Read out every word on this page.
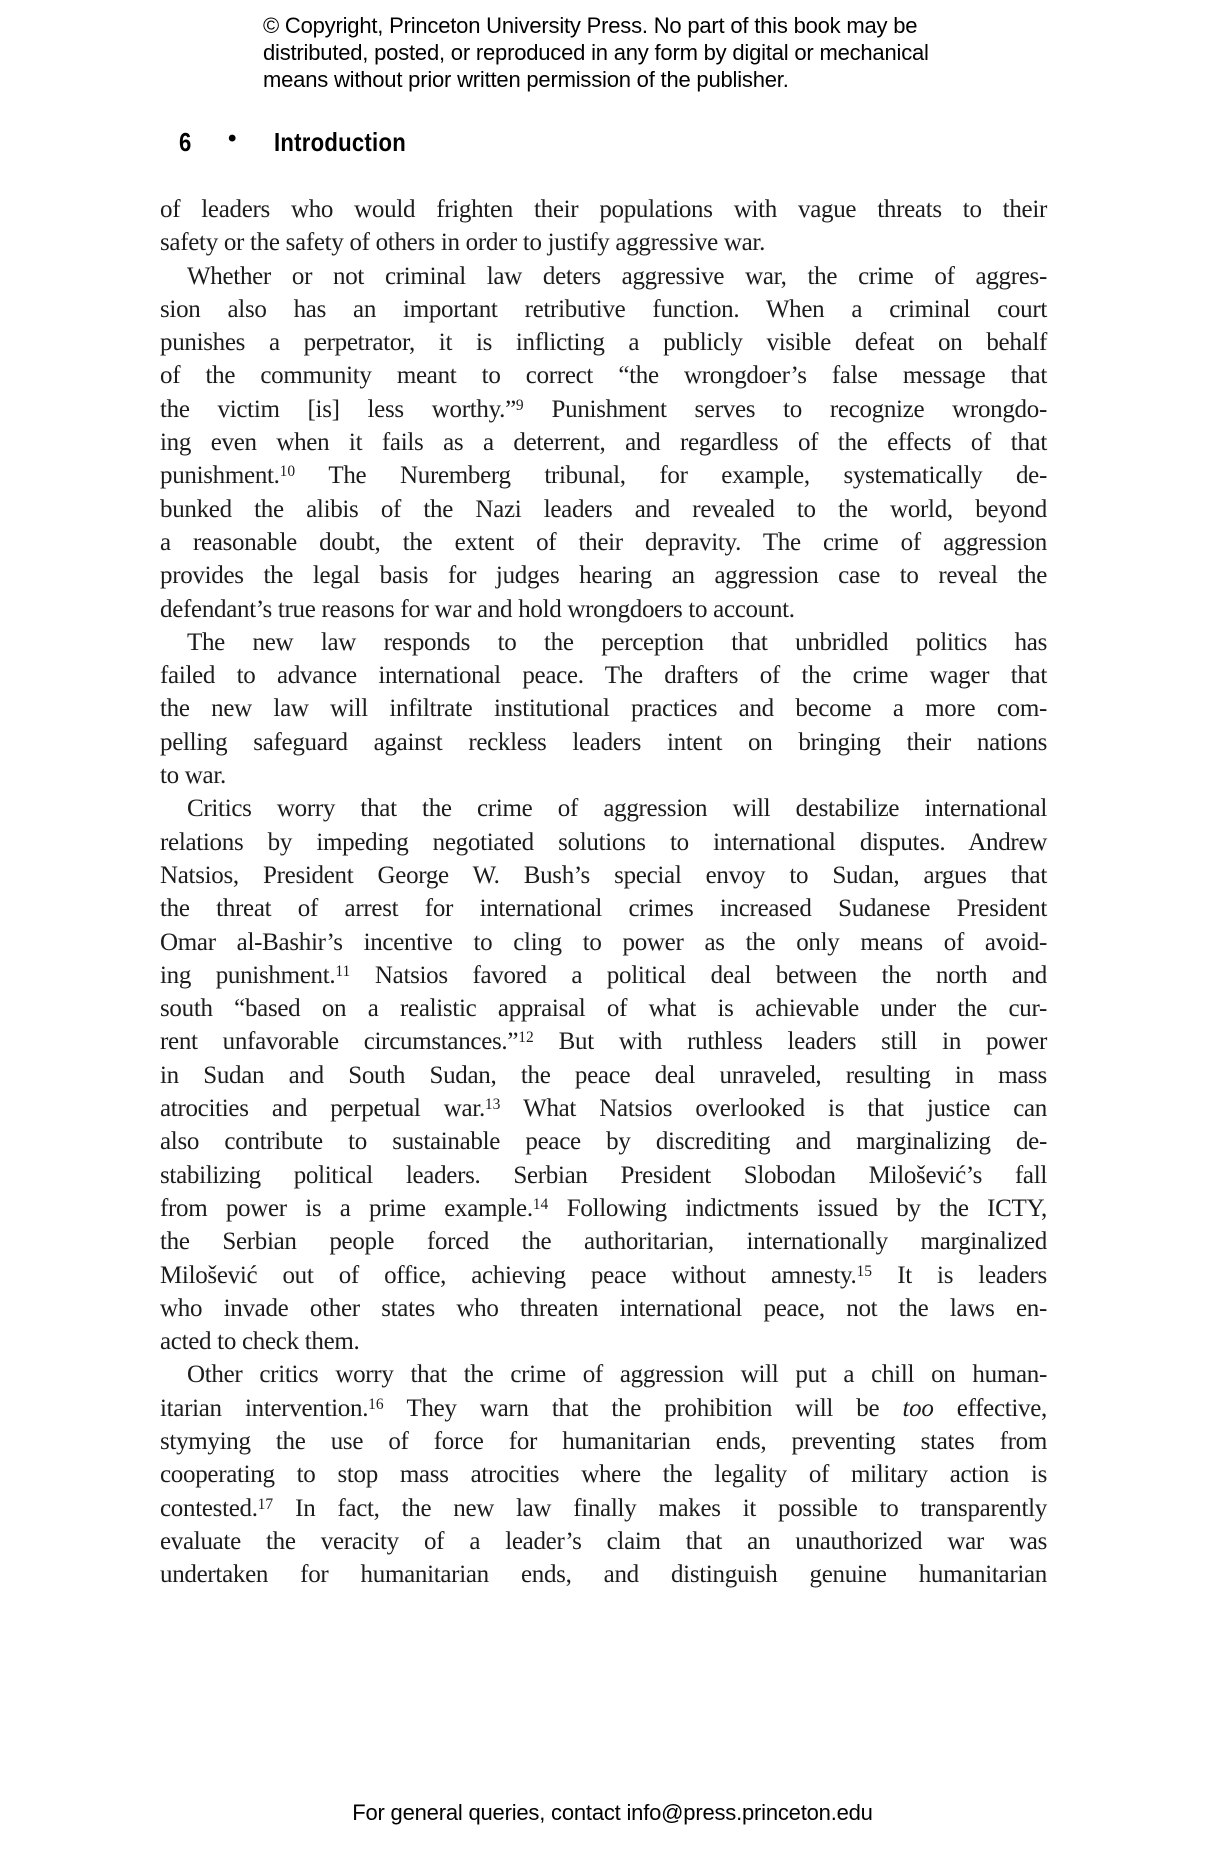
© Copyright, Princeton University Press. No part of this book may be
distributed, posted, or reproduced in any form by digital or mechanical
means without prior written permission of the publisher.
6 • Introduction
of leaders who would frighten their populations with vague threats to their
safety or the safety of others in order to justify aggressive war.
Whether or not criminal law deters aggressive war, the crime of aggres-
sion also has an important retributive function. When a criminal court
punishes a perpetrator, it is inflicting a publicly visible defeat on behalf
of the community meant to correct “the wrongdoer’s false message that
the victim [is] less worthy.”$^9$ Punishment serves to recognize wrongdo-
ing even when it fails as a deterrent, and regardless of the effects of that
punishment.$^{10}$ The Nuremberg tribunal, for example, systematically de-
bunked the alibis of the Nazi leaders and revealed to the world, beyond
a reasonable doubt, the extent of their depravity. The crime of aggression
provides the legal basis for judges hearing an aggression case to reveal the
defendant’s true reasons for war and hold wrongdoers to account.
The new law responds to the perception that unbridled politics has
failed to advance international peace. The drafters of the crime wager that
the new law will infiltrate institutional practices and become a more com-
pelling safeguard against reckless leaders intent on bringing their nations
to war.
Critics worry that the crime of aggression will destabilize international
relations by impeding negotiated solutions to international disputes. Andrew
Natsios, President George W. Bush’s special envoy to Sudan, argues that
the threat of arrest for international crimes increased Sudanese President
Omar al-Bashir’s incentive to cling to power as the only means of avoid-
ing punishment.$^{11}$ Natsios favored a political deal between the north and
south “based on a realistic appraisal of what is achievable under the cur-
rent unfavorable circumstances.”$^{12}$ But with ruthless leaders still in power
in Sudan and South Sudan, the peace deal unraveled, resulting in mass
atrocities and perpetual war.$^{13}$ What Natsios overlooked is that justice can
also contribute to sustainable peace by discrediting and marginalizing de-
stabilizing political leaders. Serbian President Slobodan Milošević’s fall
from power is a prime example.$^{14}$ Following indictments issued by the ICTY,
the Serbian people forced the authoritarian, internationally marginalized
Milošević out of office, achieving peace without amnesty.$^{15}$ It is leaders
who invade other states who threaten international peace, not the laws en-
acted to check them.
Other critics worry that the crime of aggression will put a chill on human-
itarian intervention.$^{16}$ They warn that the prohibition will be too effective,
stymying the use of force for humanitarian ends, preventing states from
cooperating to stop mass atrocities where the legality of military action is
contested.$^{17}$ In fact, the new law finally makes it possible to transparently
evaluate the veracity of a leader’s claim that an unauthorized war was
undertaken for humanitarian ends, and distinguish genuine humanitarian
For general queries, contact info@press.princeton.edu
